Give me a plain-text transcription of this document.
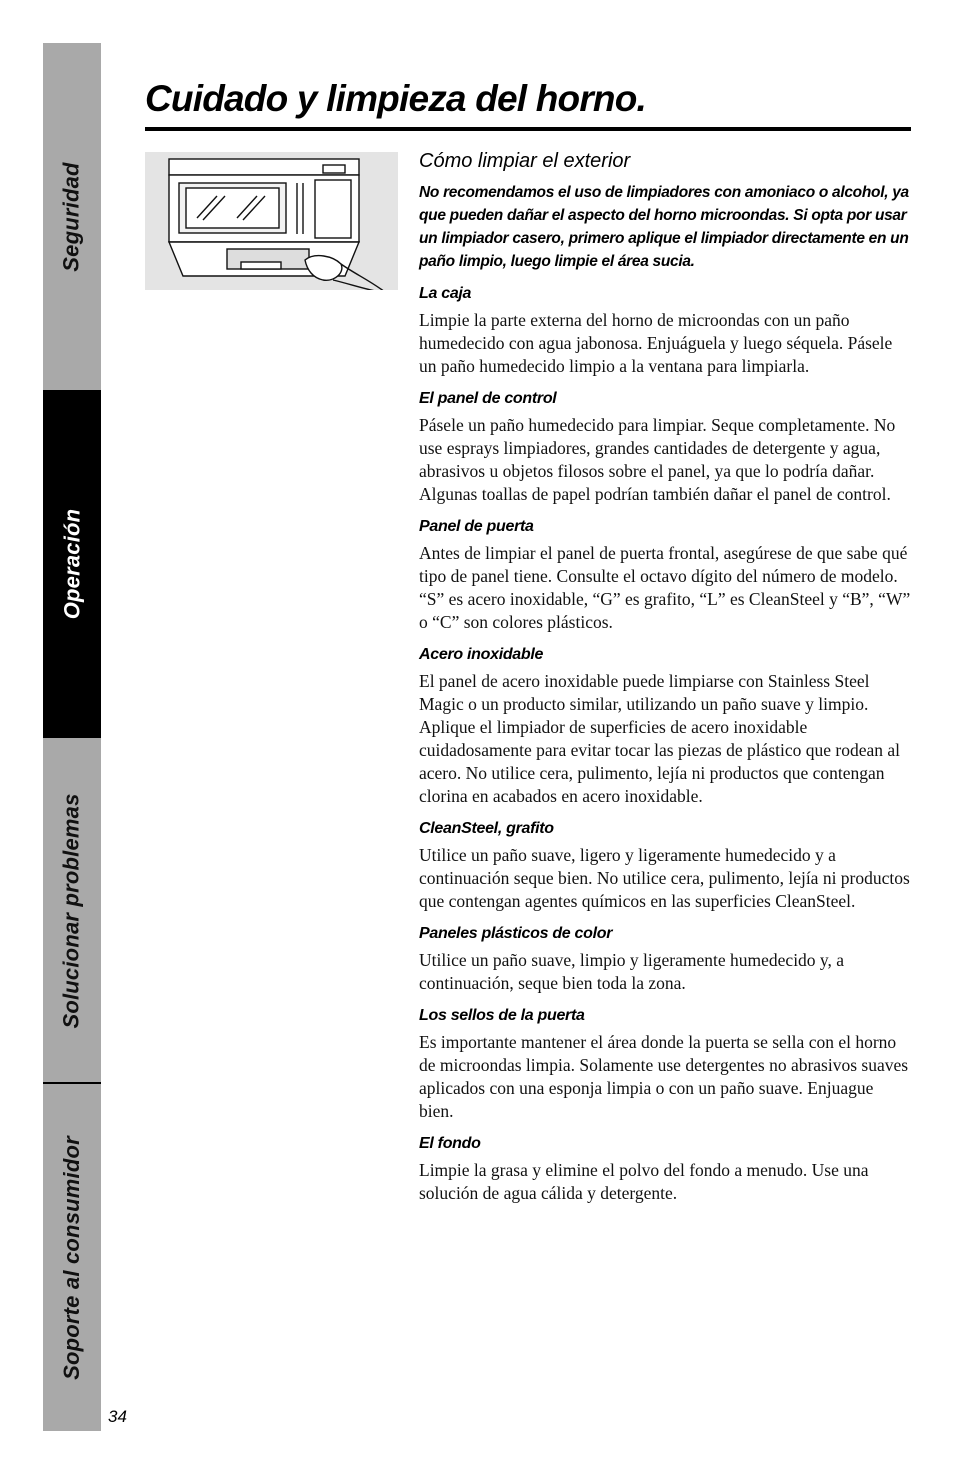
Seguridad
Operación
Solucionar problemas
Soporte al consumidor
Cuidado y limpieza del horno.
Cómo limpiar el exterior

No recomendamos el uso de limpiadores con amoniaco o alcohol, ya que pueden dañar el aspecto del horno microondas. Si opta por usar un limpiador casero, primero aplique el limpiador directamente en un paño limpio, luego limpie el área sucia.

La caja

Limpie la parte externa del horno de microondas con un paño humedecido con agua jabonosa. Enjuáguela y luego séquela. Pásele un paño humedecido limpio a la ventana para limpiarla.

El panel de control

Pásele un paño humedecido para limpiar. Seque completamente. No use esprays limpiadores, grandes cantidades de detergente y agua, abrasivos u objetos filosos sobre el panel, ya que lo podría dañar. Algunas toallas de papel podrían también dañar el panel de control.

Panel de puerta

Antes de limpiar el panel de puerta frontal, asegúrese de que sabe qué tipo de panel tiene. Consulte el octavo dígito del número de modelo. “S” es acero inoxidable, “G” es grafito, “L” es CleanSteel y “B”, “W” o “C” son colores plásticos.

Acero inoxidable

El panel de acero inoxidable puede limpiarse con Stainless Steel Magic o un producto similar, utilizando un paño suave y limpio. Aplique el limpiador de superficies de acero inoxidable cuidadosamente para evitar tocar las piezas de plástico que rodean al acero. No utilice cera, pulimento, lejía ni productos que contengan clorina en acabados en acero inoxidable.

CleanSteel, grafito

Utilice un paño suave, ligero y ligeramente humedecido y a continuación seque bien. No utilice cera, pulimento, lejía ni productos que contengan agentes químicos en las superficies CleanSteel.

Paneles plásticos de color

Utilice un paño suave, limpio y ligeramente humedecido y, a continuación, seque bien toda la zona.

Los sellos de la puerta

Es importante mantener el área donde la puerta se sella con el horno de microondas limpia. Solamente use detergentes no abrasivos suaves aplicados con una esponja limpia o con un paño suave. Enjuague bien.

El fondo

Limpie la grasa y elimine el polvo del fondo a menudo. Use una solución de agua cálida y detergente.

34
